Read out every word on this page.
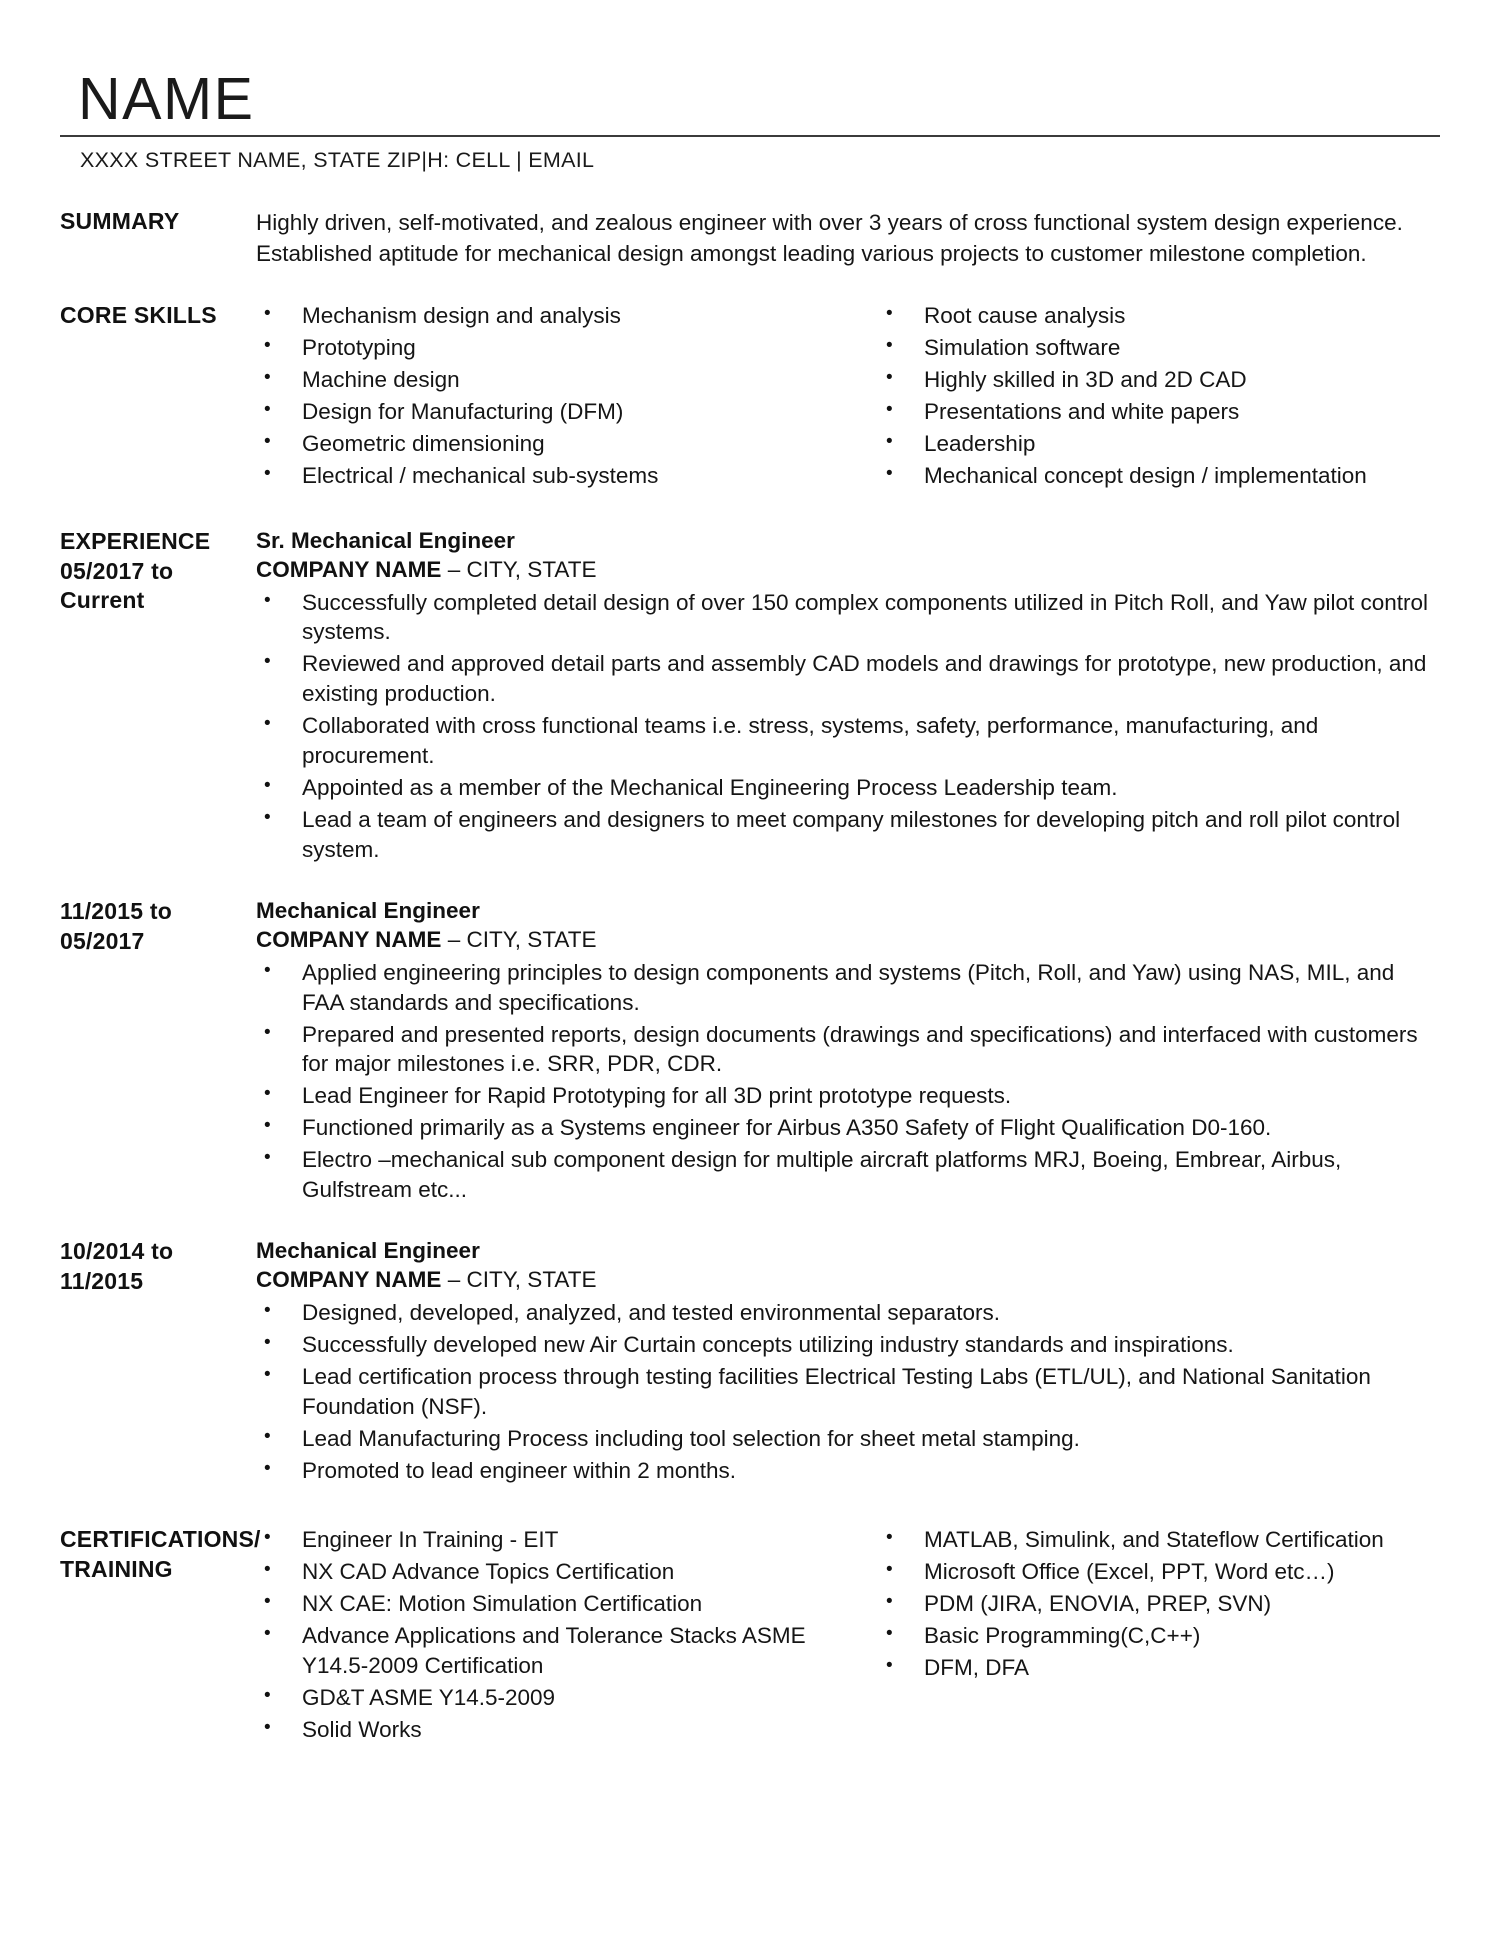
NAME
XXXX STREET NAME, STATE ZIP|H: CELL | EMAIL
SUMMARY	Highly driven, self-motivated, and zealous engineer with over 3 years of cross functional system design experience. Established aptitude for mechanical design amongst leading various projects to customer milestone completion.
CORE SKILLS	• Mechanism design and analysis
• Prototyping
• Machine design
• Design for Manufacturing (DFM)
• Geometric dimensioning
• Electrical / mechanical sub-systems
• Root cause analysis
• Simulation software
• Highly skilled in 3D and 2D CAD
• Presentations and white papers
• Leadership
• Mechanical concept design / implementation
EXPERIENCE
05/2017 to
Current
Sr. Mechanical Engineer
COMPANY NAME – CITY, STATE
• Successfully completed detail design of over 150 complex components utilized in Pitch Roll, and Yaw pilot control systems.
• Reviewed and approved detail parts and assembly CAD models and drawings for prototype, new production, and existing production.
• Collaborated with cross functional teams i.e. stress, systems, safety, performance, manufacturing, and procurement.
• Appointed as a member of the Mechanical Engineering Process Leadership team.
• Lead a team of engineers and designers to meet company milestones for developing pitch and roll pilot control system.
11/2015 to
05/2017
Mechanical Engineer
COMPANY NAME – CITY, STATE
• Applied engineering principles to design components and systems (Pitch, Roll, and Yaw) using NAS, MIL, and FAA standards and specifications.
• Prepared and presented reports, design documents (drawings and specifications) and interfaced with customers for major milestones i.e. SRR, PDR, CDR.
• Lead Engineer for Rapid Prototyping for all 3D print prototype requests.
• Functioned primarily as a Systems engineer for Airbus A350 Safety of Flight Qualification D0-160.
• Electro –mechanical sub component design for multiple aircraft platforms MRJ, Boeing, Embrear, Airbus, Gulfstream etc...
10/2014 to
11/2015
Mechanical Engineer
COMPANY NAME – CITY, STATE
• Designed, developed, analyzed, and tested environmental separators.
• Successfully developed new Air Curtain concepts utilizing industry standards and inspirations.
• Lead certification process through testing facilities Electrical Testing Labs (ETL/UL), and National Sanitation Foundation (NSF).
• Lead Manufacturing Process including tool selection for sheet metal stamping.
• Promoted to lead engineer within 2 months.
CERTIFICATIONS/
TRAINING
• Engineer In Training - EIT
• NX CAD Advance Topics Certification
• NX CAE: Motion Simulation Certification
• Advance Applications and Tolerance Stacks ASME Y14.5-2009 Certification
• GD&T ASME Y14.5-2009
• Solid Works
• MATLAB, Simulink, and Stateflow Certification
• Microsoft Office (Excel, PPT, Word etc…)
• PDM (JIRA, ENOVIA, PREP, SVN)
• Basic Programming(C,C++)
• DFM, DFA
